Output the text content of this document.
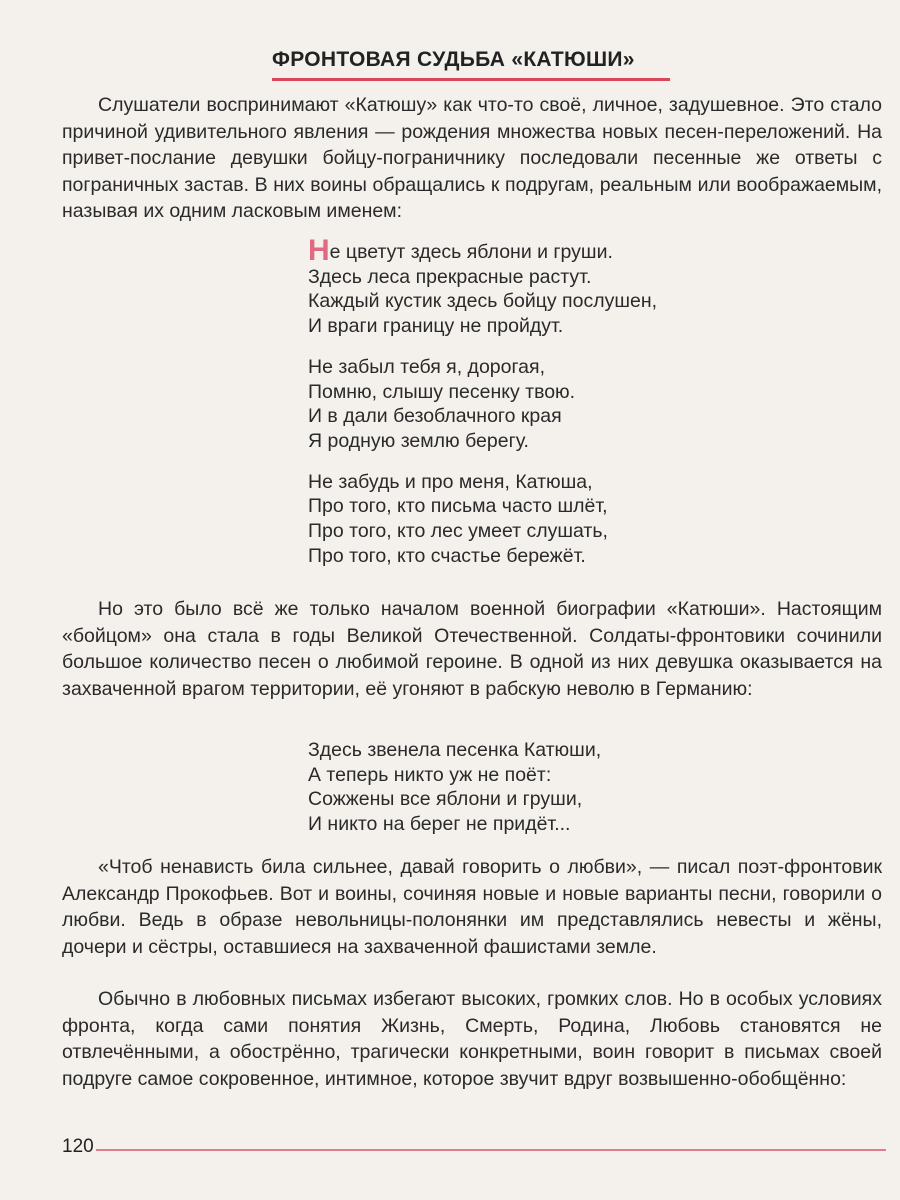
ФРОНТОВАЯ СУДЬБА «КАТЮШИ»

Слушатели воспринимают «Катюшу» как что-то своё, личное, задушевное. Это стало причиной удивительного явления — рождения множества новых песен-переложений. На привет-послание девушки бойцу-пограничнику последовали песенные же ответы с пограничных застав. В них воины обращались к подругам, реальным или воображаемым, называя их одним ласковым именем:

Не цветут здесь яблони и груши.
Здесь леса прекрасные растут.
Каждый кустик здесь бойцу послушен,
И враги границу не пройдут.
Не забыл тебя я, дорогая,
Помню, слышу песенку твою.
И в дали безоблачного края
Я родную землю берегу.
Не забудь и про меня, Катюша,
Про того, кто письма часто шлёт,
Про того, кто лес умеет слушать,
Про того, кто счастье бережёт.

Но это было всё же только началом военной биографии «Катюши». Настоящим «бойцом» она стала в годы Великой Отечественной. Солдаты-фронтовики сочинили большое количество песен о любимой героине. В одной из них девушка оказывается на захваченной врагом территории, её угоняют в рабскую неволю в Германию:

Здесь звенела песенка Катюши,
А теперь никто уж не поёт:
Сожжены все яблони и груши,
И никто на берег не придёт...

«Чтоб ненависть била сильнее, давай говорить о любви», — писал поэт-фронтовик Александр Прокофьев. Вот и воины, сочиняя новые и новые варианты песни, говорили о любви. Ведь в образе невольницы-полонянки им представлялись невесты и жёны, дочери и сёстры, оставшиеся на захваченной фашистами земле.

Обычно в любовных письмах избегают высоких, громких слов. Но в особых условиях фронта, когда сами понятия Жизнь, Смерть, Родина, Любовь становятся не отвлечёнными, а обострённо, трагически конкретными, воин говорит в письмах своей подруге самое сокровенное, интимное, которое звучит вдруг возвышенно-обобщённо:

120
